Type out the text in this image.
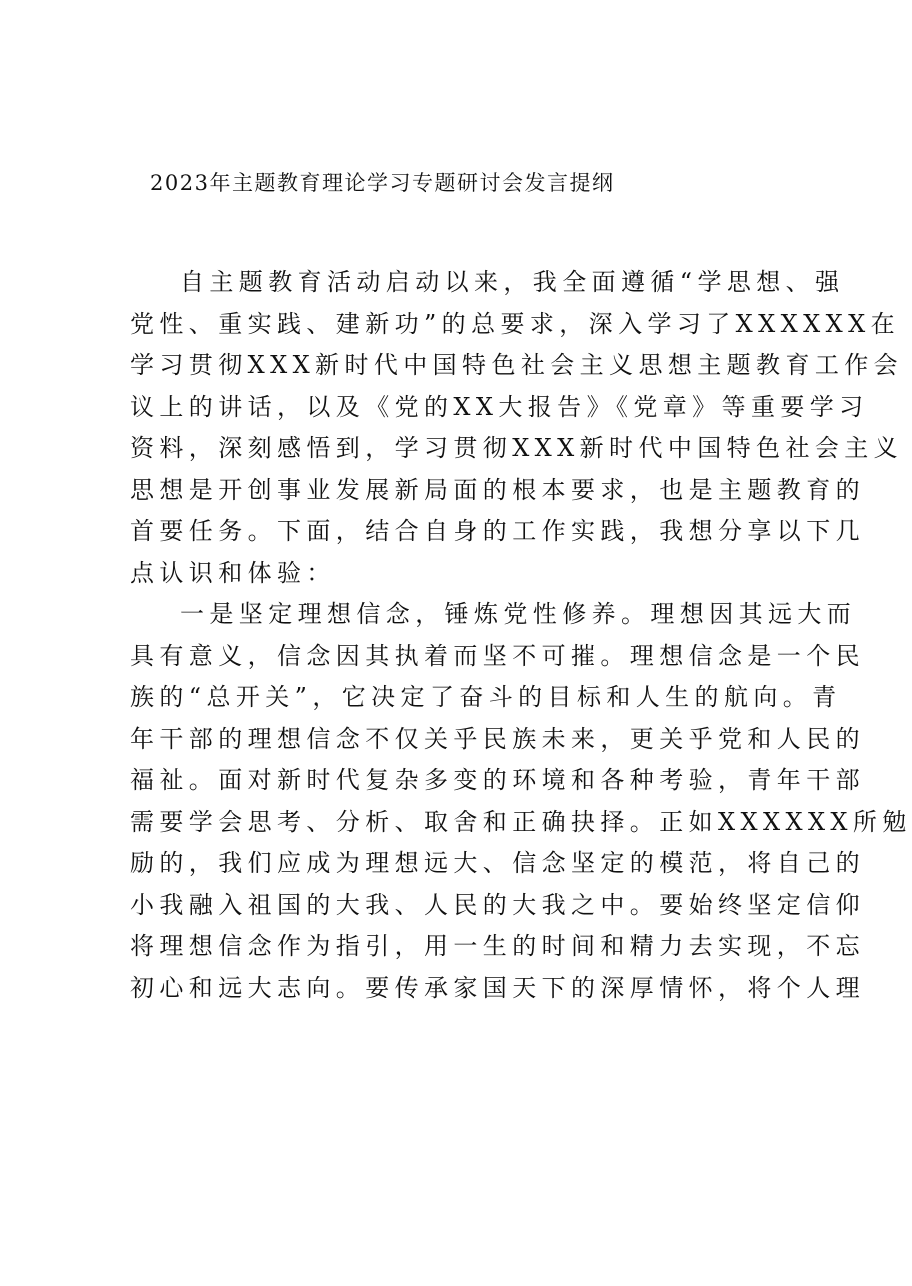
2023年主题教育理论学习专题研讨会发言提纲
自主题教育活动启动以来，我全面遵循“学思想、强
党性、重实践、建新功”的总要求，深入学习了XXXXXX在
学习贯彻XXX新时代中国特色社会主义思想主题教育工作会
议上的讲话，以及《党的XX大报告》《党章》等重要学习
资料，深刻感悟到，学习贯彻XXX新时代中国特色社会主义
思想是开创事业发展新局面的根本要求，也是主题教育的
首要任务。下面，结合自身的工作实践，我想分享以下几
点认识和体验：
一是坚定理想信念，锤炼党性修养。理想因其远大而
具有意义，信念因其执着而坚不可摧。理想信念是一个民
族的“总开关”，它决定了奋斗的目标和人生的航向。青
年干部的理想信念不仅关乎民族未来，更关乎党和人民的
福祉。面对新时代复杂多变的环境和各种考验，青年干部
需要学会思考、分析、取舍和正确抉择。正如XXXXXX所勉
励的，我们应成为理想远大、信念坚定的模范，将自己的
小我融入祖国的大我、人民的大我之中。要始终坚定信仰
将理想信念作为指引，用一生的时间和精力去实现，不忘
初心和远大志向。要传承家国天下的深厚情怀，将个人理
